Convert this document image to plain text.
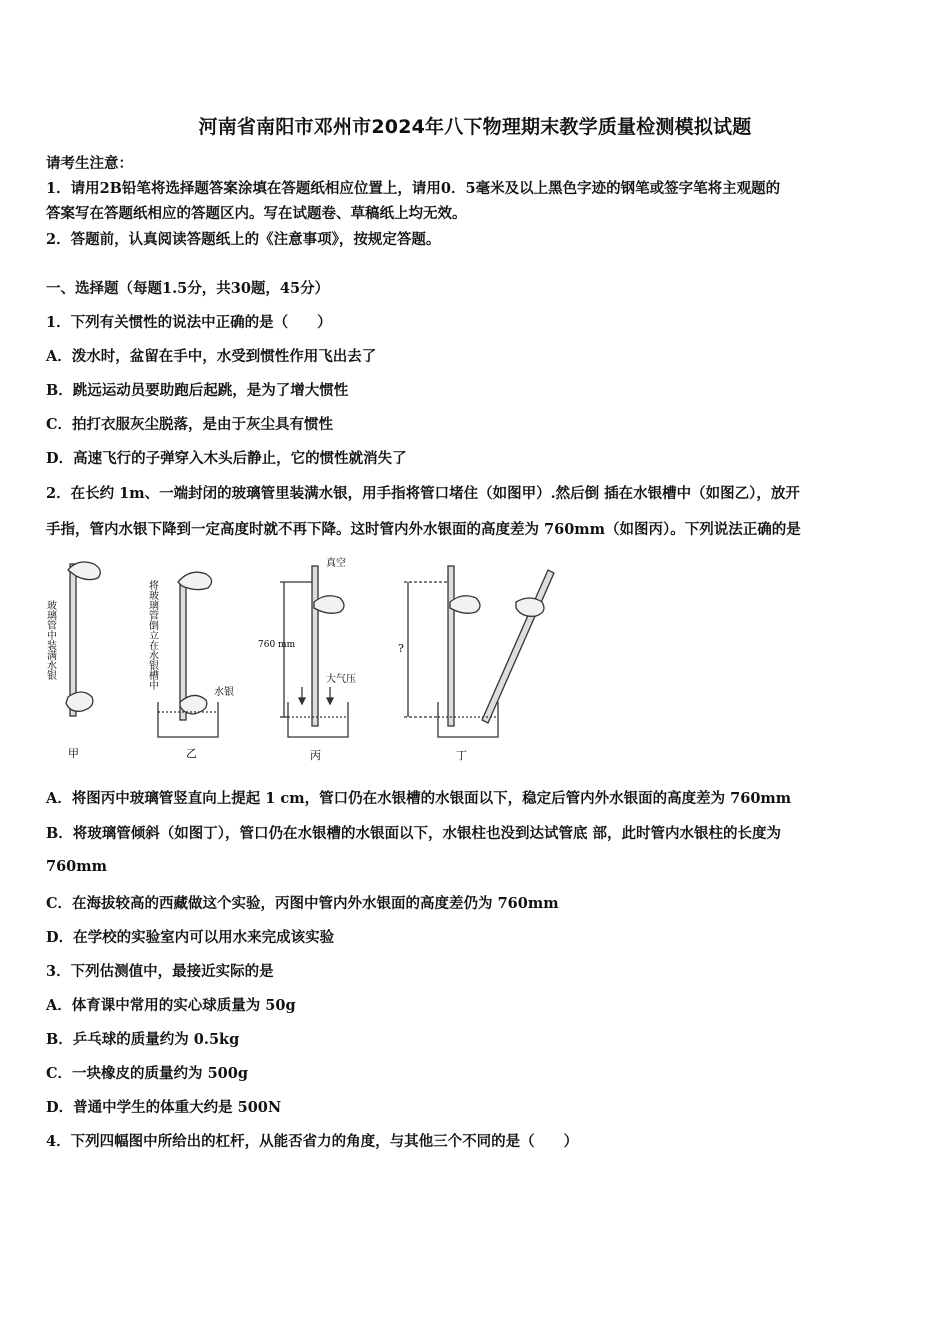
河南省南阳市邓州市2024年八下物理期末教学质量检测模拟试题
请考生注意：
1．请用2B铅笔将选择题答案涂填在答题纸相应位置上，请用0．5毫米及以上黑色字迹的钢笔或签字笔将主观题的
答案写在答题纸相应的答题区内。写在试题卷、草稿纸上均无效。
2．答题前，认真阅读答题纸上的《注意事项》，按规定答题。
一、选择题（每题1.5分，共30题，45分）
1．下列有关惯性的说法中正确的是（　　）
A．泼水时，盆留在手中，水受到惯性作用飞出去了
B．跳远运动员要助跑后起跳，是为了增大惯性
C．拍打衣服灰尘脱落，是由于灰尘具有惯性
D．高速飞行的子弹穿入木头后静止，它的惯性就消失了
2．在长约 1m、一端封闭的玻璃管里装满水银，用手指将管口堵住（如图甲）.然后倒 插在水银槽中（如图乙），放开
手指，管内水银下降到一定高度时就不再下降。这时管内外水银面的高度差为 760mm（如图丙）。下列说法正确的是
玻璃管中装满水银
甲
将玻璃管倒立在水银槽中
水银
乙
真空
760 mm
大气压
丙
?
丁
A．将图丙中玻璃管竖直向上提起 1 cm，管口仍在水银槽的水银面以下，稳定后管内外水银面的高度差为 760mm
B．将玻璃管倾斜（如图丁），管口仍在水银槽的水银面以下，水银柱也没到达试管底 部，此时管内水银柱的长度为
760mm
C．在海拔较高的西藏做这个实验，丙图中管内外水银面的高度差仍为 760mm
D．在学校的实验室内可以用水来完成该实验
3．下列估测值中，最接近实际的是
A．体育课中常用的实心球质量为 50g
B．乒乓球的质量约为 0.5kg
C．一块橡皮的质量约为 500g
D．普通中学生的体重大约是 500N
4．下列四幅图中所给出的杠杆，从能否省力的角度，与其他三个不同的是（　　）
